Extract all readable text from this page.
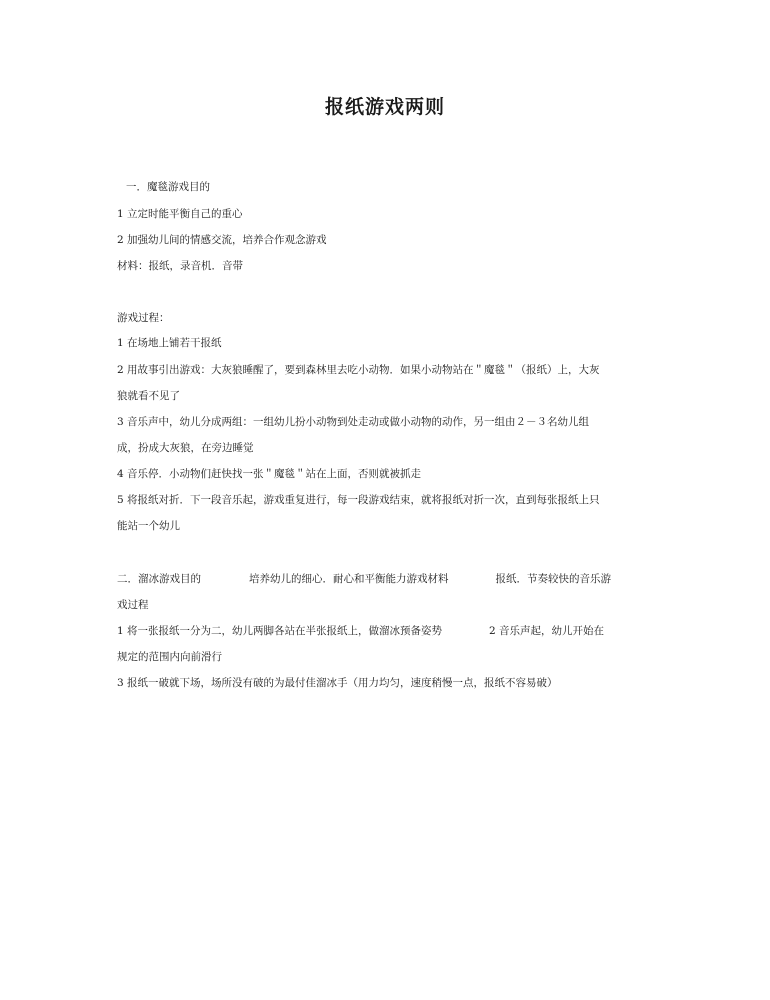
报纸游戏两则
一．魔毯游戏目的
1 立定时能平衡自己的重心
2 加强幼儿间的情感交流，培养合作观念游戏
材料：报纸，录音机．音带
游戏过程：
1 在场地上铺若干报纸
2 用故事引出游戏：大灰狼睡醒了，要到森林里去吃小动物．如果小动物站在＂魔毯＂（报纸）上，大灰
狼就看不见了
3 音乐声中，幼儿分成两组：一组幼儿扮小动物到处走动或做小动物的动作，另一组由２－３名幼儿组
成，扮成大灰狼，在旁边睡觉
4 音乐停．小动物们赶快找一张＂魔毯＂站在上面，否则就被抓走
5 将报纸对折．下一段音乐起，游戏重复进行，每一段游戏结束，就将报纸对折一次，直到每张报纸上只
能站一个幼儿
二．溜冰游戏目的	培养幼儿的细心．耐心和平衡能力游戏材料	报纸．节奏较快的音乐游
戏过程
1 将一张报纸一分为二，幼儿两脚各站在半张报纸上，做溜冰预备姿势	2 音乐声起，幼儿开始在
规定的范围内向前滑行
3 报纸一破就下场，场所没有破的为最付佳溜冰手（用力均匀，速度稍慢一点，报纸不容易破）
